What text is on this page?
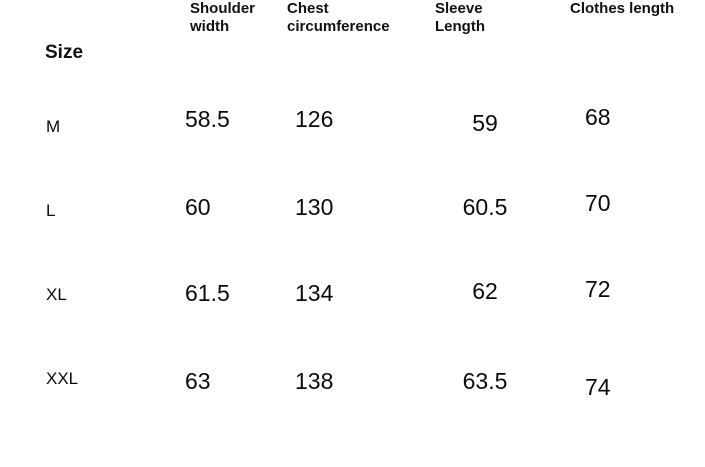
Size	Shoulder width	Chest circumference	Sleeve Length	Clothes length
M	58.5	126	59	68
L	60	130	60.5	70
XL	61.5	134	62	72
XXL	63	138	63.5	74
